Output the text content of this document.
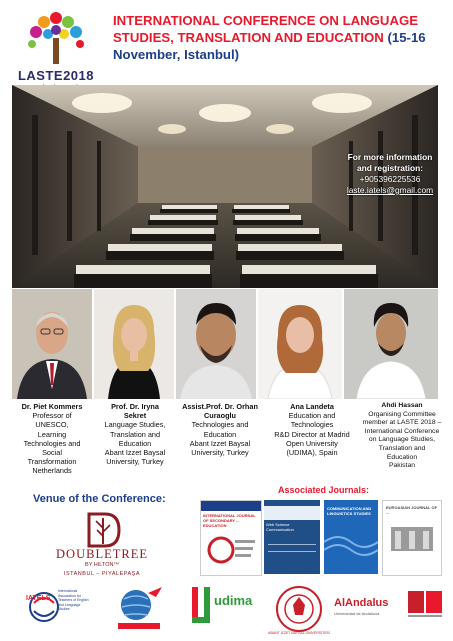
LASTE2018
INTERNATIONAL CONFERENCE ON LANGUAGE STUDIES, TRANSLATION AND EDUCATION (15-16 November, Istanbul)
For more information
and registration:
+905396225536
laste.iatels@gmail.com
Dr. Piet Kommers
Professor of
UNESCO,
Learning
Technologies and
Social
Transformation
Netherlands
Prof. Dr. Iryna
Sekret
Language Studies,
Translation and
Education
Abant Izzet Baysal
University, Turkey
Assist.Prof. Dr. Orhan
Curaoglu
Technologies and
Education
Abant Izzet Baysal
University, Turkey
Ana Landeta
Education and
Technologies
R&D Director at Madrid
Open University
(UDIMA), Spain
Ahdi Hassan
Organising Committee
member at LASTE 2018 –
International Conference
on Language Studies,
Translation and
Education
Pakistan
Venue of the Conference:
DOUBLETREE
BY HILTON™
ISTANBUL – PIYALEPAŞA
Associated Journals:
INTERNATIONAL JOURNAL OF SECONDARY ... EDUCATION	Web Science Communication
COMMUNICATION AND LINGUISTICS STUDIES
EUROASIAN JOURNAL OF ...
IATELS
International Association for Teachers of English and Language Studies
udima
ABANT İZZET BAYSAL ÜNİVERSİTESİ
AlAndalus
Universidad de Andalucía
